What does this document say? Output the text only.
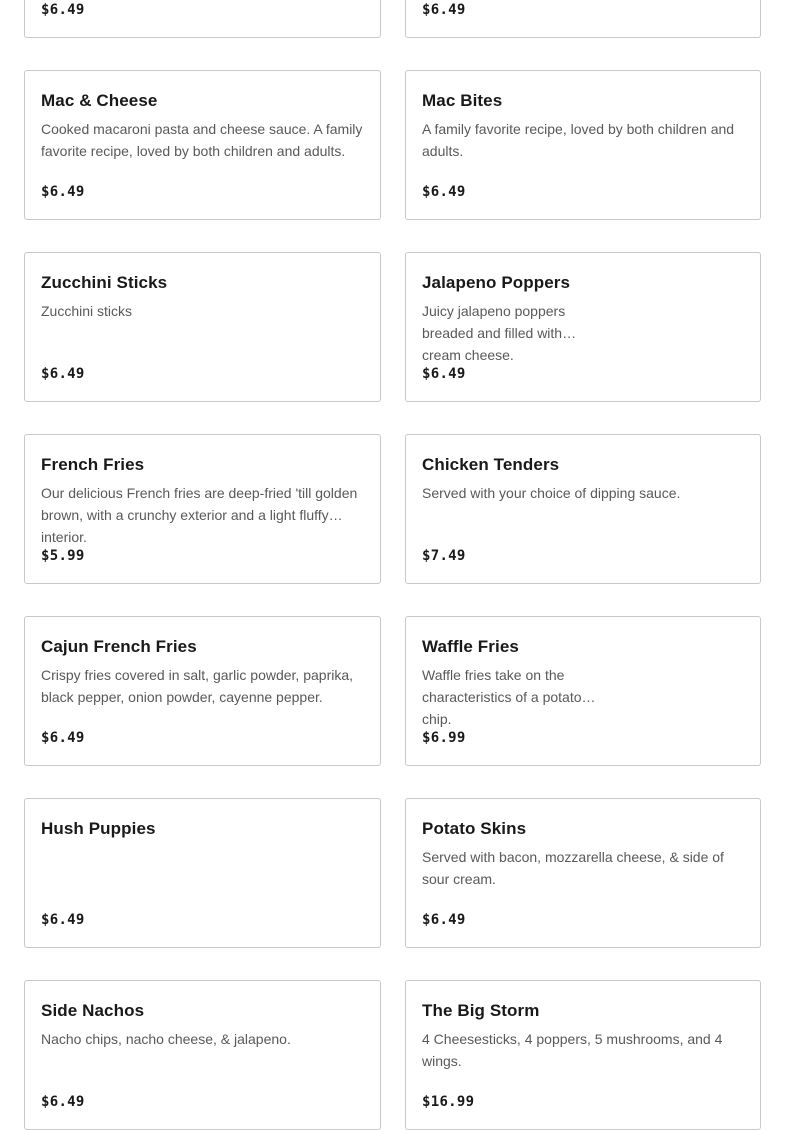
$6.49	$6.49
Mac & Cheese
Cooked macaroni pasta and cheese sauce. A family favorite recipe, loved by both children and adults.
$6.49
Mac Bites
A family favorite recipe, loved by both children and adults.
$6.49
Zucchini Sticks
Zucchini sticks
$6.49
Jalapeno Poppers
Juicy jalapeno poppers breaded and filled with cream cheese.
$6.49
French Fries
Our delicious French fries are deep-fried 'till golden brown, with a crunchy exterior and a light fluffy interior.
$5.99
Chicken Tenders
Served with your choice of dipping sauce.
$7.49
Cajun French Fries
Crispy fries covered in salt, garlic powder, paprika, black pepper, onion powder, cayenne pepper.
$6.49
Waffle Fries
Waffle fries take on the characteristics of a potato chip.
$6.99
Hush Puppies
$6.49
Potato Skins
Served with bacon, mozzarella cheese, & side of sour cream.
$6.49
Side Nachos
Nacho chips, nacho cheese, & jalapeno.
$6.49
The Big Storm
4 Cheesesticks, 4 poppers, 5 mushrooms, and 4 wings.
$16.99
